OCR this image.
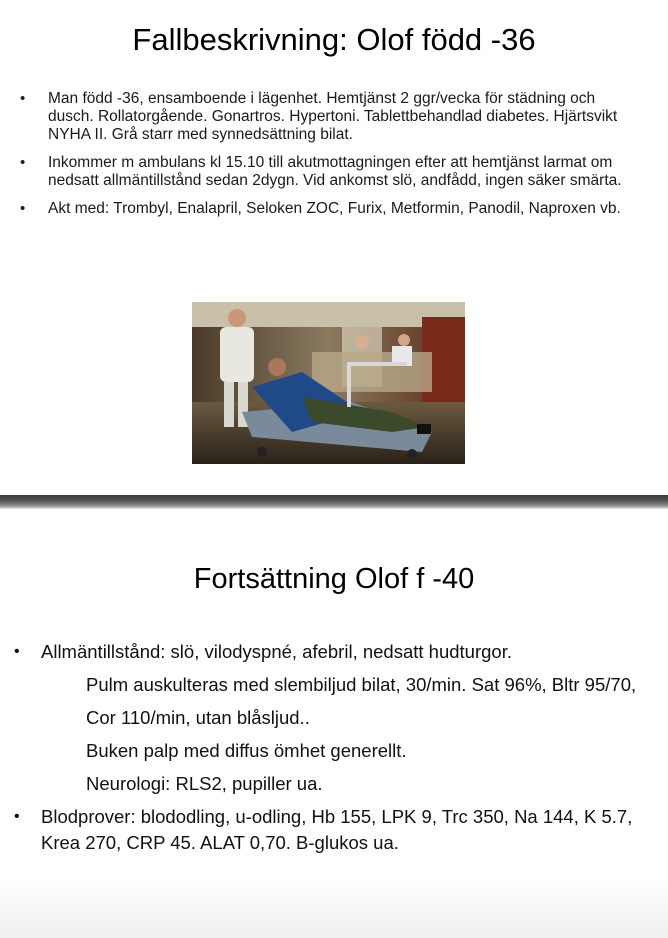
Fallbeskrivning: Olof född -36
• Man född -36, ensamboende i lägenhet. Hemtjänst 2 ggr/vecka för städning och dusch. Rollatorgående. Gonartros. Hypertoni. Tablettbehandlad diabetes. Hjärtsvikt NYHA II. Grå starr med synnedsättning bilat.
• Inkommer m ambulans kl 15.10 till akutmottagningen efter att hemtjänst larmat om nedsatt allmäntillstånd sedan 2dygn. Vid ankomst slö, andfådd, ingen säker smärta.
• Akt med: Trombyl, Enalapril, Seloken ZOC, Furix, Metformin, Panodil, Naproxen vb.
Fortsättning Olof f -40
• Allmäntillstånd: slö, vilodyspné, afebril, nedsatt hudturgor.
Pulm auskulteras med slembiljud bilat, 30/min. Sat 96%, Bltr 95/70,
Cor 110/min, utan blåsljud..
Buken palp med diffus ömhet generellt.
Neurologi: RLS2, pupiller ua.
• Blodprover: blododling, u-odling, Hb 155, LPK 9, Trc 350, Na 144, K 5.7, Krea 270, CRP 45. ALAT 0,70. B-glukos ua.
